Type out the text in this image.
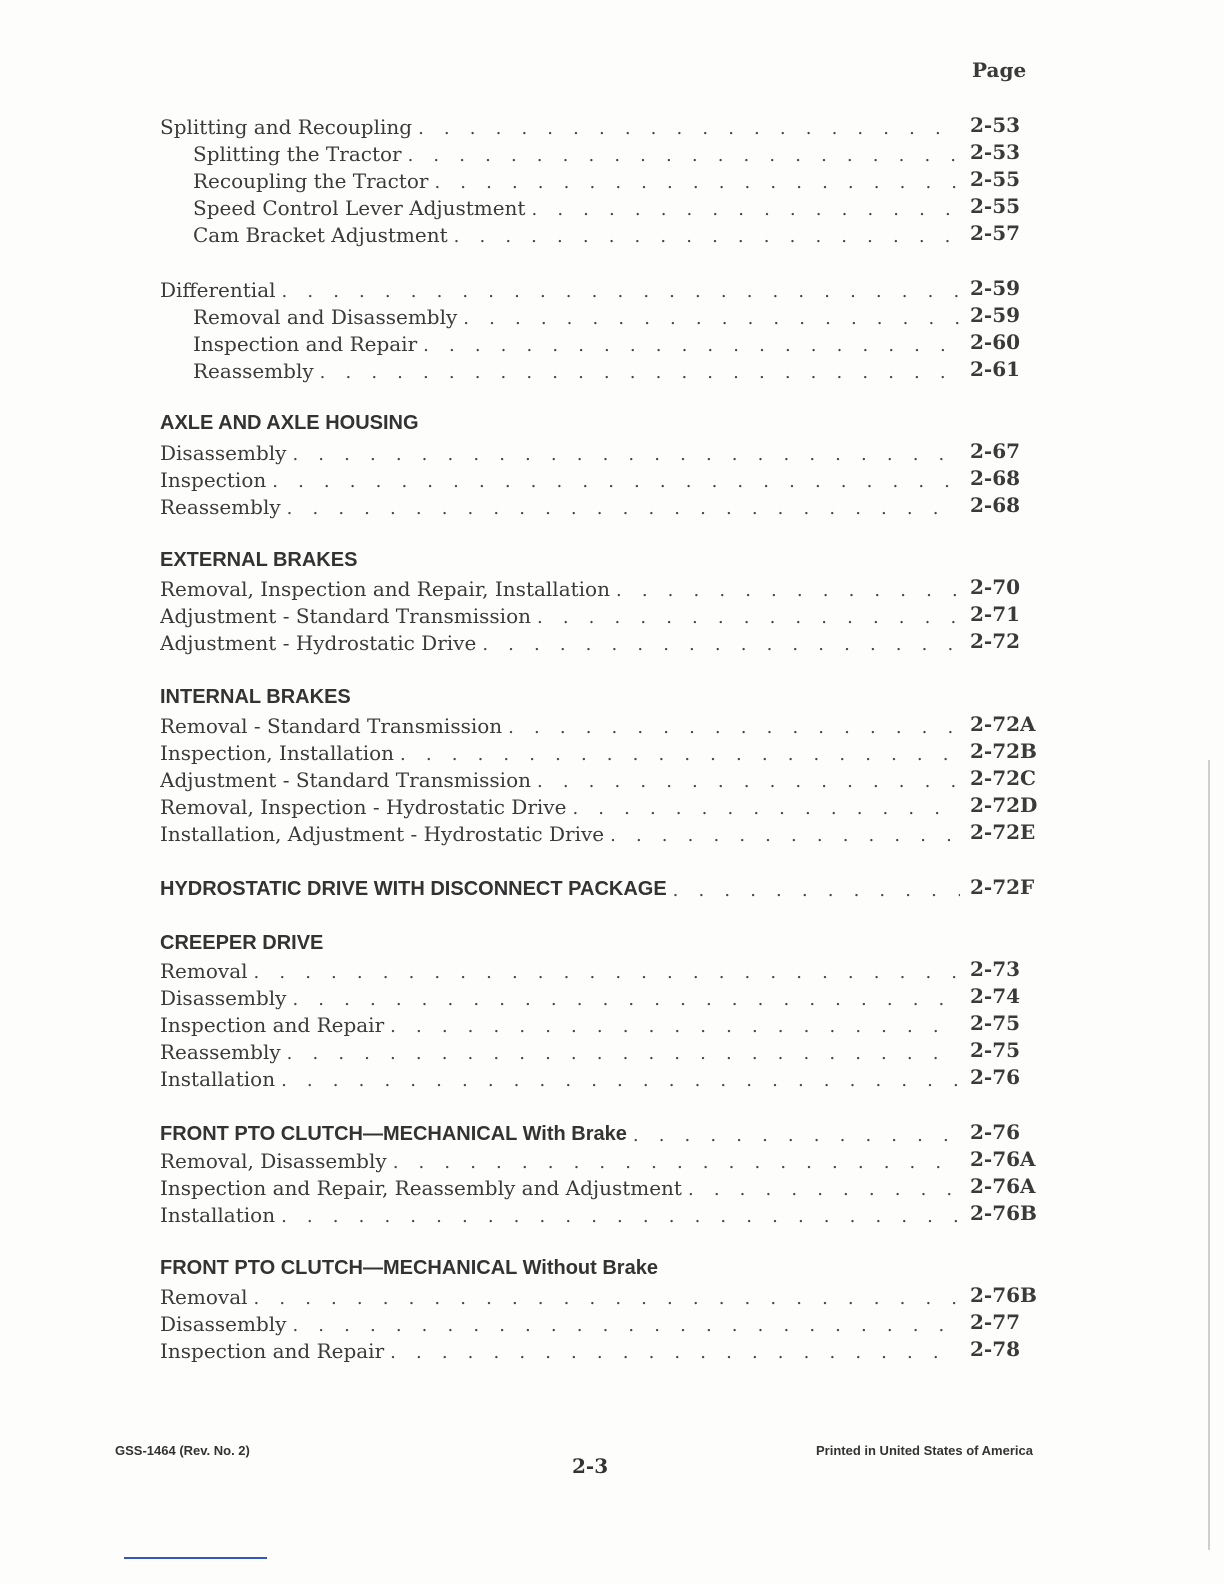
Page
Splitting and Recoupling . . .	2-53
Splitting the Tractor . . .	2-53
Recoupling the Tractor . . .	2-55
Speed Control Lever Adjustment . . .	2-55
Cam Bracket Adjustment . . .	2-57
Differential . . .	2-59
Removal and Disassembly . . .	2-59
Inspection and Repair . . .	2-60
Reassembly . . .	2-61
AXLE AND AXLE HOUSING
Disassembly . . .	2-67
Inspection . . .	2-68
Reassembly . . .	2-68
EXTERNAL BRAKES
Removal, Inspection and Repair, Installation . . .	2-70
Adjustment - Standard Transmission . . .	2-71
Adjustment - Hydrostatic Drive . . .	2-72
INTERNAL BRAKES
Removal - Standard Transmission . . .	2-72A
Inspection, Installation . . .	2-72B
Adjustment - Standard Transmission . . .	2-72C
Removal, Inspection - Hydrostatic Drive . . .	2-72D
Installation, Adjustment - Hydrostatic Drive . . .	2-72E
HYDROSTATIC DRIVE WITH DISCONNECT PACKAGE . . .	2-72F
CREEPER DRIVE
Removal . . .	2-73
Disassembly . . .	2-74
Inspection and Repair . . .	2-75
Reassembly . . .	2-75
Installation . . .	2-76
FRONT PTO CLUTCH—MECHANICAL With Brake . . .	2-76
Removal, Disassembly . . .	2-76A
Inspection and Repair, Reassembly and Adjustment . . .	2-76A
Installation . . .	2-76B
FRONT PTO CLUTCH—MECHANICAL Without Brake
Removal . . .	2-76B
Disassembly . . .	2-77
Inspection and Repair . . .	2-78
GSS-1464 (Rev. No. 2)
2-3
Printed in United States of America
